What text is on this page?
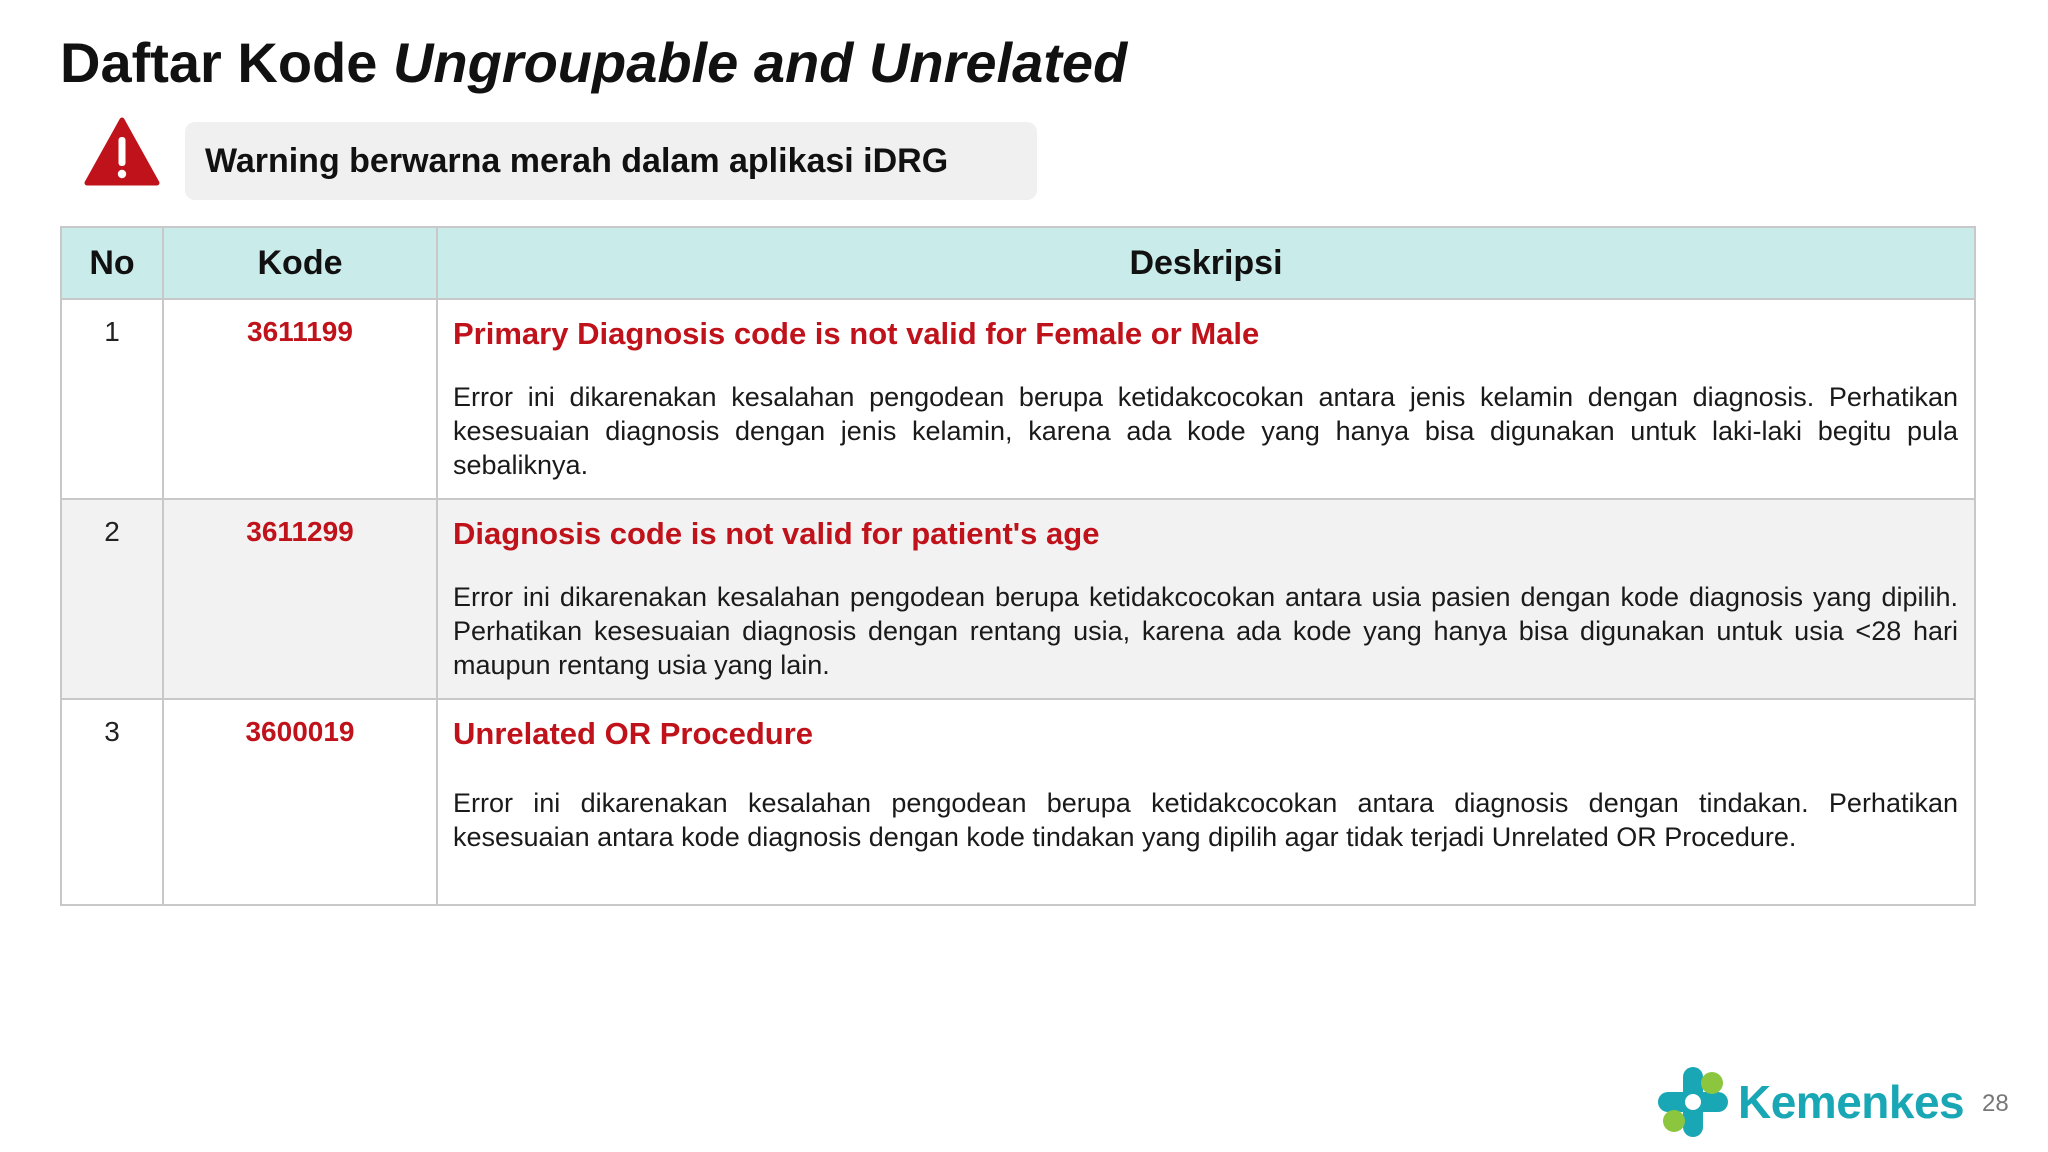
Daftar Kode Ungroupable and Unrelated
Warning berwarna merah dalam aplikasi iDRG
No	Kode	Deskripsi
1	3611199	Primary Diagnosis code is not valid for Female or Male
Error ini dikarenakan kesalahan pengodean berupa ketidakcocokan antara jenis kelamin dengan diagnosis. Perhatikan kesesuaian diagnosis dengan jenis kelamin, karena ada kode yang hanya bisa digunakan untuk laki-laki begitu pula sebaliknya.

2	3611299	Diagnosis code is not valid for patient's age
Error ini dikarenakan kesalahan pengodean berupa ketidakcocokan antara usia pasien dengan kode diagnosis yang dipilih. Perhatikan kesesuaian diagnosis dengan rentang usia, karena ada kode yang hanya bisa digunakan untuk usia <28 hari maupun rentang usia yang lain.

3	3600019	Unrelated OR Procedure
Error ini dikarenakan kesalahan pengodean berupa ketidakcocokan antara diagnosis dengan tindakan. Perhatikan kesesuaian antara kode diagnosis dengan kode tindakan yang dipilih agar tidak terjadi Unrelated OR Procedure.
Kemenkes 28
